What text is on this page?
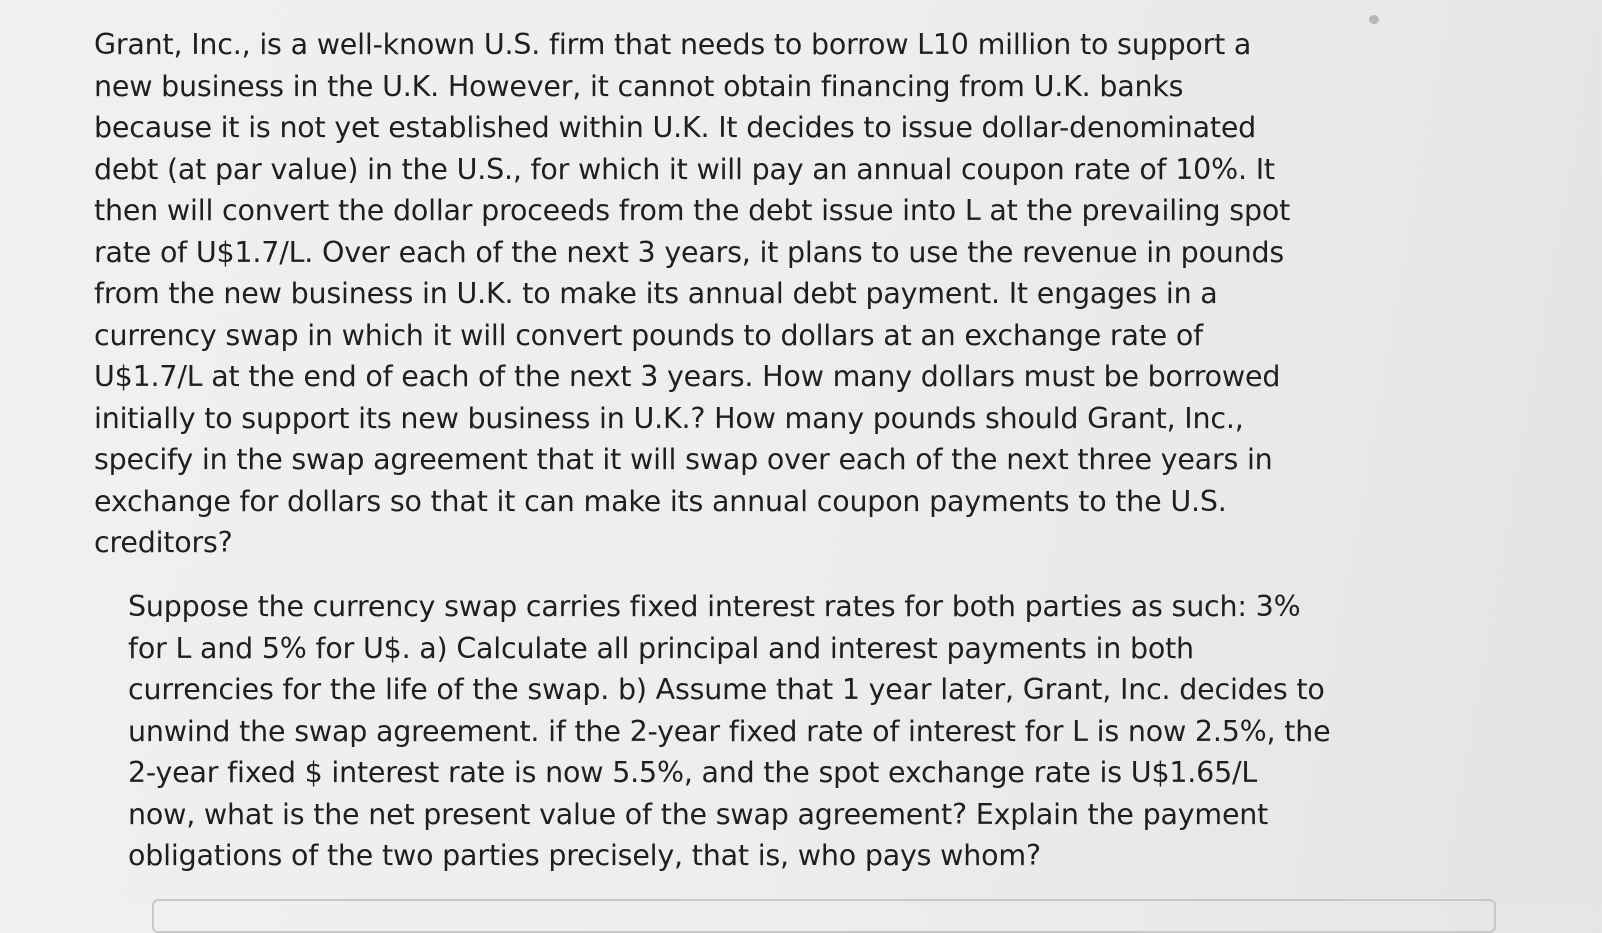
Grant, Inc., is a well-known U.S. firm that needs to borrow L10 million to support a
new business in the U.K. However, it cannot obtain financing from U.K. banks
because it is not yet established within U.K. It decides to issue dollar-denominated
debt (at par value) in the U.S., for which it will pay an annual coupon rate of 10%. It
then will convert the dollar proceeds from the debt issue into L at the prevailing spot
rate of U$1.7/L. Over each of the next 3 years, it plans to use the revenue in pounds
from the new business in U.K. to make its annual debt payment. It engages in a
currency swap in which it will convert pounds to dollars at an exchange rate of
U$1.7/L at the end of each of the next 3 years. How many dollars must be borrowed
initially to support its new business in U.K.? How many pounds should Grant, Inc.,
specify in the swap agreement that it will swap over each of the next three years in
exchange for dollars so that it can make its annual coupon payments to the U.S.
creditors?

Suppose the currency swap carries fixed interest rates for both parties as such: 3%
for L and 5% for U$. a) Calculate all principal and interest payments in both
currencies for the life of the swap. b) Assume that 1 year later, Grant, Inc. decides to
unwind the swap agreement. if the 2-year fixed rate of interest for L is now 2.5%, the
2-year fixed $ interest rate is now 5.5%, and the spot exchange rate is U$1.65/L
now, what is the net present value of the swap agreement? Explain the payment
obligations of the two parties precisely, that is, who pays whom?
